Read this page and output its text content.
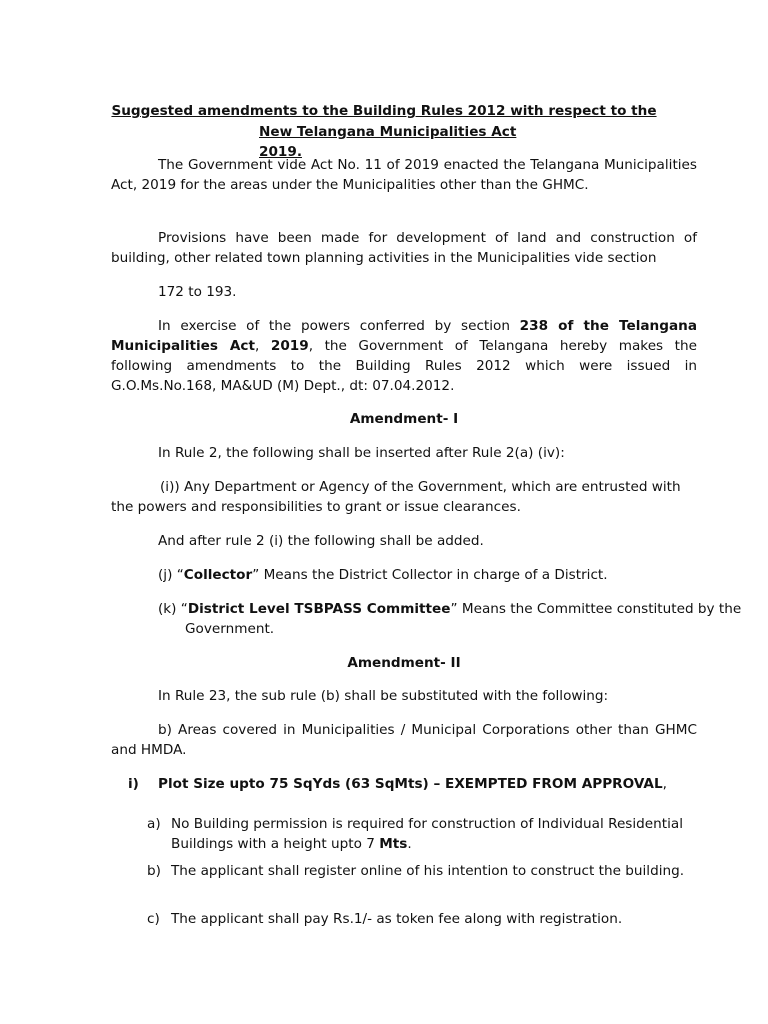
Suggested amendments to the Building Rules 2012 with respect to the

New Telangana Municipalities Act 2019.

The Government vide Act No. 11 of 2019 enacted the Telangana Municipalities Act, 2019 for the areas under the Municipalities other than the GHMC.

Provisions have been made for development of land and construction of building, other related town planning activities in the Municipalities vide section

172 to 193.

In exercise of the powers conferred by section 238 of the Telangana Municipalities Act, 2019, the Government of Telangana hereby makes the following amendments to the Building Rules 2012 which were issued in G.O.Ms.No.168, MA&UD (M) Dept., dt: 07.04.2012.

Amendment- I

In Rule 2, the following shall be inserted after Rule 2(a) (iv):

(i)) Any Department or Agency of the Government, which are entrusted with the powers and responsibilities to grant or issue clearances.

And after rule 2 (i) the following shall be added.

(j) “Collector” Means the District Collector in charge of a District.

(k) “District Level TSBPASS Committee” Means the Committee constituted by the Government.

Amendment- II

In Rule 23, the sub rule (b) shall be substituted with the following:

b) Areas covered in Municipalities / Municipal Corporations other than GHMC and HMDA.

i) Plot Size upto 75 SqYds (63 SqMts) – EXEMPTED FROM APPROVAL,

a) No Building permission is required for construction of Individual Residential Buildings with a height upto 7 Mts.

b) The applicant shall register online of his intention to construct the building.

c) The applicant shall pay Rs.1/- as token fee along with registration.
